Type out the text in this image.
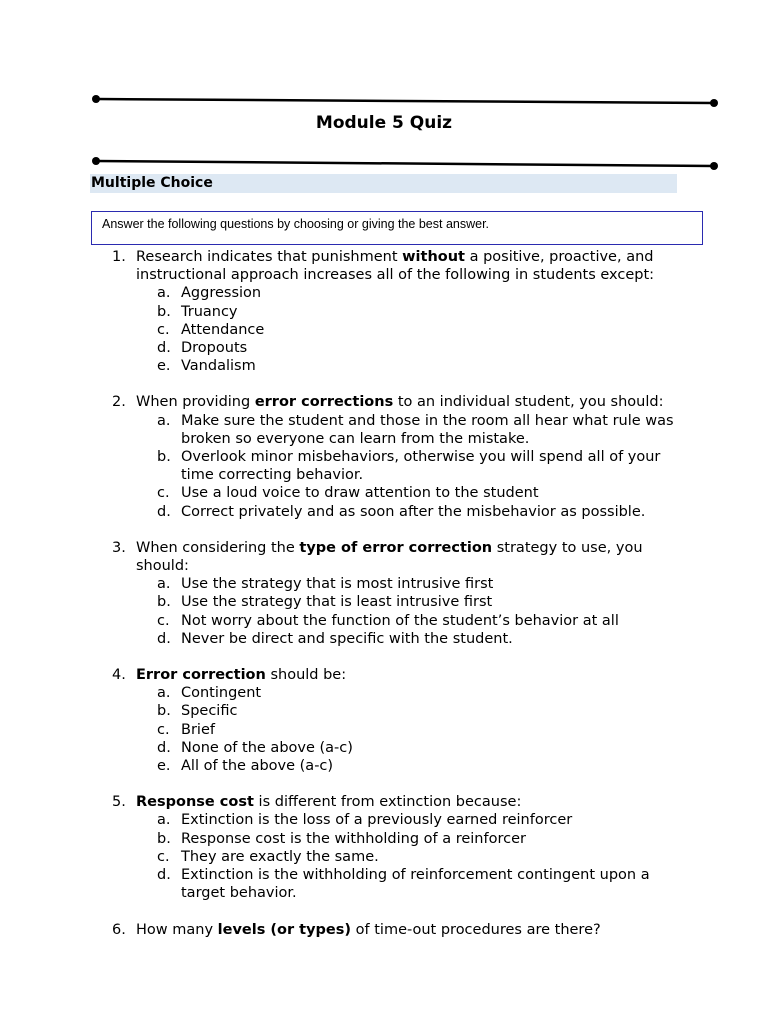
Module 5 Quiz
Multiple Choice
Answer the following questions by choosing or giving the best answer.
1. Research indicates that punishment without a positive, proactive, and instructional approach increases all of the following in students except:
a. Aggression
b. Truancy
c. Attendance
d. Dropouts
e. Vandalism
2. When providing error corrections to an individual student, you should:
a. Make sure the student and those in the room all hear what rule was broken so everyone can learn from the mistake.
b. Overlook minor misbehaviors, otherwise you will spend all of your time correcting behavior.
c. Use a loud voice to draw attention to the student
d. Correct privately and as soon after the misbehavior as possible.
3. When considering the type of error correction strategy to use, you should:
a. Use the strategy that is most intrusive first
b. Use the strategy that is least intrusive first
c. Not worry about the function of the student’s behavior at all
d. Never be direct and specific with the student.
4. Error correction should be:
a. Contingent
b. Specific
c. Brief
d. None of the above (a-c)
e. All of the above (a-c)
5. Response cost is different from extinction because:
a. Extinction is the loss of a previously earned reinforcer
b. Response cost is the withholding of a reinforcer
c. They are exactly the same.
d. Extinction is the withholding of reinforcement contingent upon a target behavior.
6. How many levels (or types) of time-out procedures are there?
